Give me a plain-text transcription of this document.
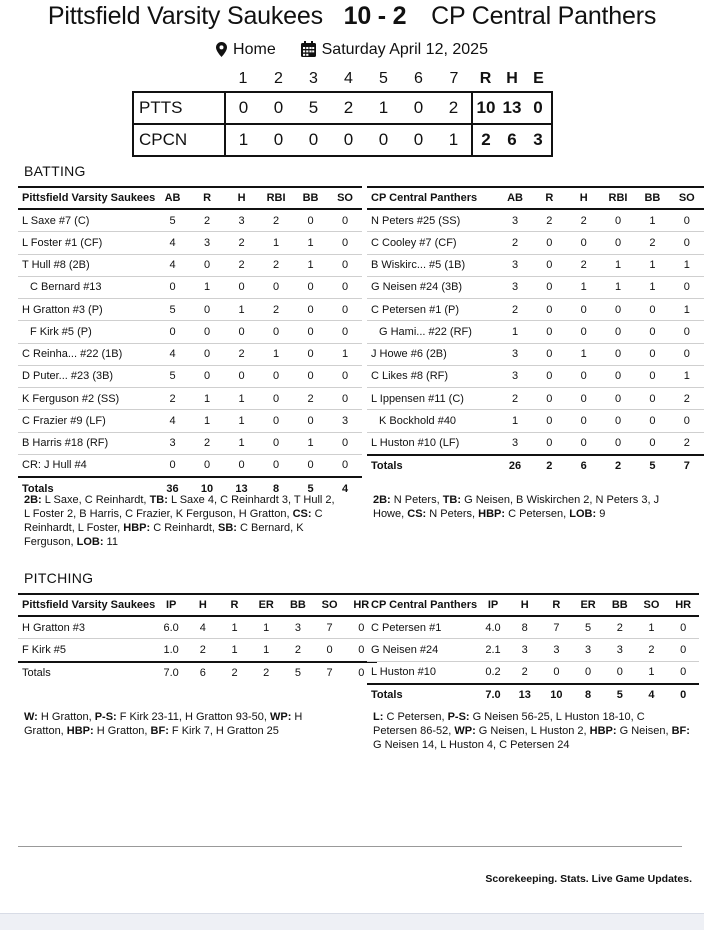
Pittsfield Varsity Saukees 10 - 2 CP Central Panthers
Home	Saturday April 12, 2025
	1	2	3	4	5	6	7	R	H	E
PTTS	0	0	5	2	1	0	2	10	13	0
CPCN	1	0	0	0	0	0	1	2	6	3
BATTING
Pittsfield Varsity Saukees	AB	R	H	RBI	BB	SO
L Saxe #7 (C)	5	2	3	2	0	0
L Foster #1 (CF)	4	3	2	1	1	0
T Hull #8 (2B)	4	0	2	2	1	0
C Bernard #13	0	1	0	0	0	0
H Gratton #3 (P)	5	0	1	2	0	0
F Kirk #5 (P)	0	0	0	0	0	0
C Reinha... #22 (1B)	4	0	2	1	0	1
D Puter... #23 (3B)	5	0	0	0	0	0
K Ferguson #2 (SS)	2	1	1	0	2	0
C Frazier #9 (LF)	4	1	1	0	0	3
B Harris #18 (RF)	3	2	1	0	1	0
CR: J Hull #4	0	0	0	0	0	0
Totals	36	10	13	8	5	4
CP Central Panthers	AB	R	H	RBI	BB	SO
N Peters #25 (SS)	3	2	2	0	1	0
C Cooley #7 (CF)	2	0	0	0	2	0
B Wiskirc... #5 (1B)	3	0	2	1	1	1
G Neisen #24 (3B)	3	0	1	1	1	0
C Petersen #1 (P)	2	0	0	0	0	1
G Hami... #22 (RF)	1	0	0	0	0	0
J Howe #6 (2B)	3	0	1	0	0	0
C Likes #8 (RF)	3	0	0	0	0	1
L Ippensen #11 (C)	2	0	0	0	0	2
K Bockhold #40	1	0	0	0	0	0
L Huston #10 (LF)	3	0	0	0	0	2
Totals	26	2	6	2	5	7
2B: L Saxe, C Reinhardt, TB: L Saxe 4, C Reinhardt 3, T Hull 2, L Foster 2, B Harris, C Frazier, K Ferguson, H Gratton, CS: C Reinhardt, L Foster, HBP: C Reinhardt, SB: C Bernard, K Ferguson, LOB: 11
2B: N Peters, TB: G Neisen, B Wiskirchen 2, N Peters 3, J Howe, CS: N Peters, HBP: C Petersen, LOB: 9
PITCHING
Pittsfield Varsity Saukees	IP	H	R	ER	BB	SO	HR
H Gratton #3	6.0	4	1	1	3	7	0
F Kirk #5	1.0	2	1	1	2	0	0
Totals	7.0	6	2	2	5	7	0
CP Central Panthers	IP	H	R	ER	BB	SO	HR
C Petersen #1	4.0	8	7	5	2	1	0
G Neisen #24	2.1	3	3	3	3	2	0
L Huston #10	0.2	2	0	0	0	1	0
Totals	7.0	13	10	8	5	4	0
W: H Gratton, P-S: F Kirk 23-11, H Gratton 93-50, WP: H Gratton, HBP: H Gratton, BF: F Kirk 7, H Gratton 25
L: C Petersen, P-S: G Neisen 56-25, L Huston 18-10, C Petersen 86-52, WP: G Neisen, L Huston 2, HBP: G Neisen, BF: G Neisen 14, L Huston 4, C Petersen 24
Scorekeeping. Stats. Live Game Updates.
